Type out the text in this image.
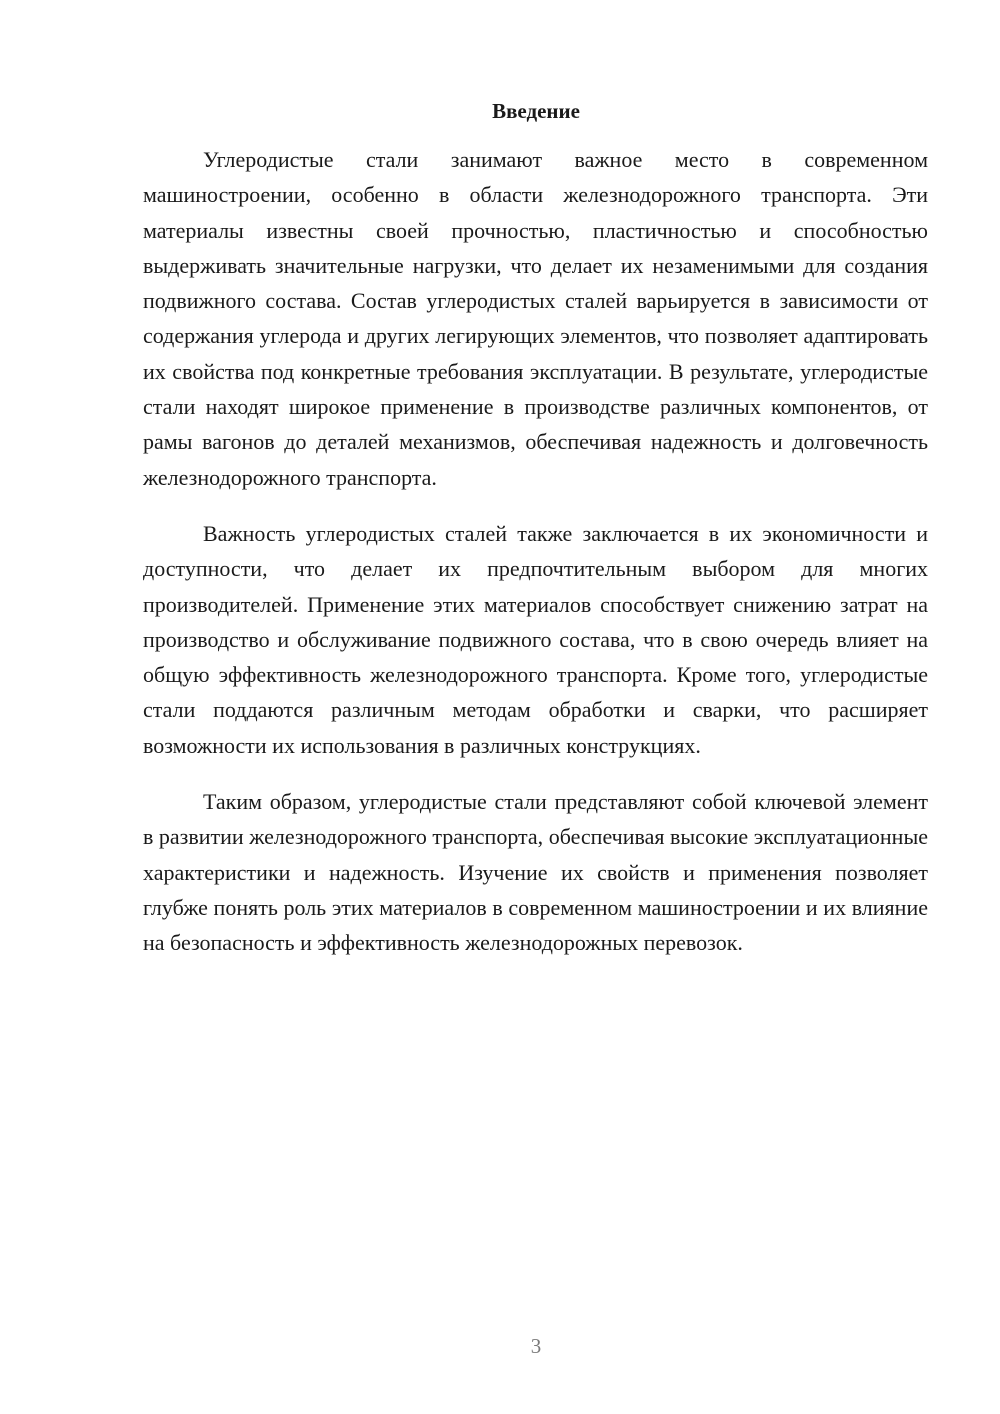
Введение

Углеродистые стали занимают важное место в современном машиностроении, особенно в области железнодорожного транспорта. Эти материалы известны своей прочностью, пластичностью и способностью выдерживать значительные нагрузки, что делает их незаменимыми для создания подвижного состава. Состав углеродистых сталей варьируется в зависимости от содержания углерода и других легирующих элементов, что позволяет адаптировать их свойства под конкретные требования эксплуатации. В результате, углеродистые стали находят широкое применение в производстве различных компонентов, от рамы вагонов до деталей механизмов, обеспечивая надежность и долговечность железнодорожного транспорта.

Важность углеродистых сталей также заключается в их экономичности и доступности, что делает их предпочтительным выбором для многих производителей. Применение этих материалов способствует снижению затрат на производство и обслуживание подвижного состава, что в свою очередь влияет на общую эффективность железнодорожного транспорта. Кроме того, углеродистые стали поддаются различным методам обработки и сварки, что расширяет возможности их использования в различных конструкциях.

Таким образом, углеродистые стали представляют собой ключевой элемент в развитии железнодорожного транспорта, обеспечивая высокие эксплуатационные характеристики и надежность. Изучение их свойств и применения позволяет глубже понять роль этих материалов в современном машиностроении и их влияние на безопасность и эффективность железнодорожных перевозок.

3
